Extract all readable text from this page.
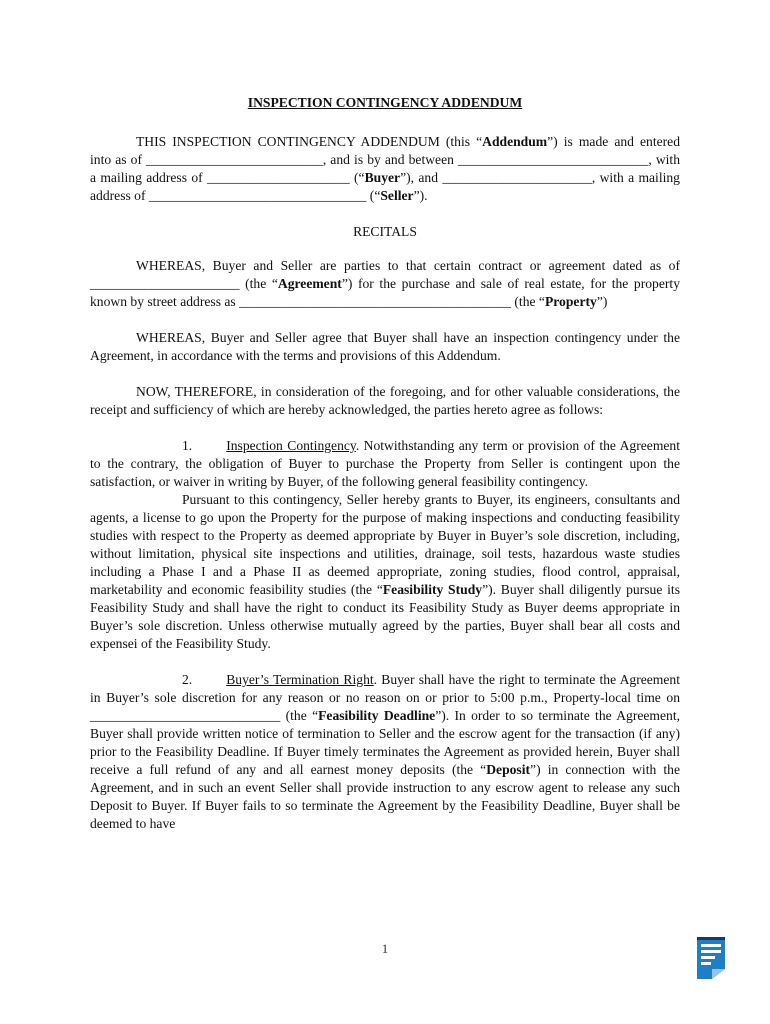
INSPECTION CONTINGENCY ADDENDUM

THIS INSPECTION CONTINGENCY ADDENDUM (this “Addendum”) is made and entered into as of __________________________, and is by and between ____________________________, with a mailing address of _____________________ (“Buyer”), and ______________________, with a mailing address of ________________________________ (“Seller”).

RECITALS

WHEREAS, Buyer and Seller are parties to that certain contract or agreement dated as of ______________________ (the “Agreement”) for the purchase and sale of real estate, for the property known by street address as ________________________________________ (the “Property”)

WHEREAS, Buyer and Seller agree that Buyer shall have an inspection contingency under the Agreement, in accordance with the terms and provisions of this Addendum.

NOW, THEREFORE, in consideration of the foregoing, and for other valuable considerations, the receipt and sufficiency of which are hereby acknowledged, the parties hereto agree as follows:

1.	Inspection Contingency. Notwithstanding any term or provision of the Agreement to the contrary, the obligation of Buyer to purchase the Property from Seller is contingent upon the satisfaction, or waiver in writing by Buyer, of the following general feasibility contingency.

Pursuant to this contingency, Seller hereby grants to Buyer, its engineers, consultants and agents, a license to go upon the Property for the purpose of making inspections and conducting feasibility studies with respect to the Property as deemed appropriate by Buyer in Buyer’s sole discretion, including, without limitation, physical site inspections and utilities, drainage, soil tests, hazardous waste studies including a Phase I and a Phase II as deemed appropriate, zoning studies, flood control, appraisal, marketability and economic feasibility studies (the “Feasibility Study”). Buyer shall diligently pursue its Feasibility Study and shall have the right to conduct its Feasibility Study as Buyer deems appropriate in Buyer’s sole discretion. Unless otherwise mutually agreed by the parties, Buyer shall bear all costs and expensei of the Feasibility Study.

2.	Buyer’s Termination Right. Buyer shall have the right to terminate the Agreement in Buyer’s sole discretion for any reason or no reason on or prior to 5:00 p.m., Property-local time on ____________________________ (the “Feasibility Deadline”). In order to so terminate the Agreement, Buyer shall provide written notice of termination to Seller and the escrow agent for the transaction (if any) prior to the Feasibility Deadline. If Buyer timely terminates the Agreement as provided herein, Buyer shall receive a full refund of any and all earnest money deposits (the “Deposit”) in connection with the Agreement, and in such an event Seller shall provide instruction to any escrow agent to release any such Deposit to Buyer. If Buyer fails to so terminate the Agreement by the Feasibility Deadline, Buyer shall be deemed to have

1
